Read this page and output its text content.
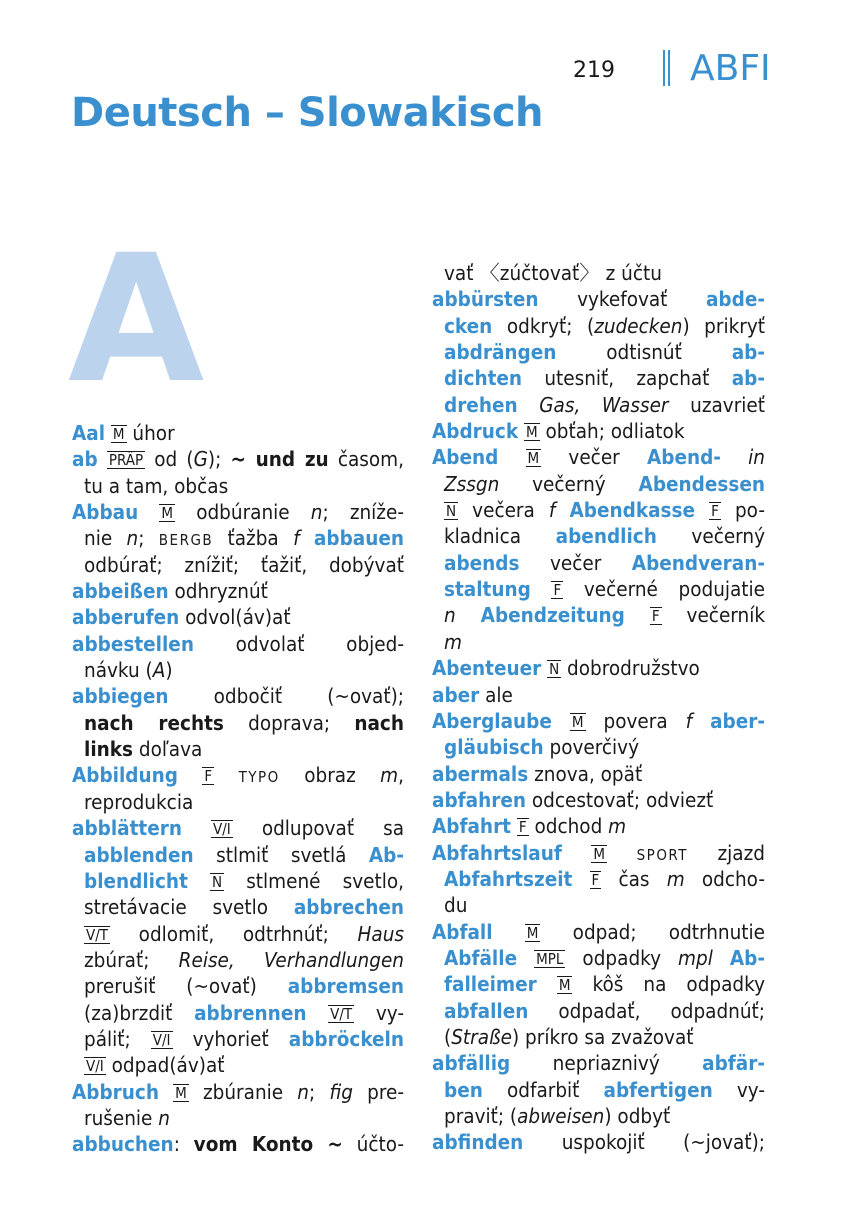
219 ABFI
Deutsch – Slowakisch
A
Aal M úhor
ab PRÄP od (G); ~ und zu časom,
tu a tam, občas
Abbau M odbúranie n; zníže-
nie n; BERGB ťažba f abbauen
odbúrať; znížiť; ťažiť, dobývať
abbeißen odhryznúť
abberufen odvol(áv)ať
abbestellen odvolať objed-
návku (A)
abbiegen odbočiť (~ovať);
nach rechts doprava; nach
links doľava
Abbildung F TYPO obraz m,
reprodukcia
abblättern V/I odlupovať sa
abblenden stlmiť svetlá Ab-
blendlicht N stlmené svetlo,
stretávacie svetlo abbrechen
V/T odlomiť, odtrhnúť; Haus
zbúrať; Reise, Verhandlungen
prerušiť (~ovať) abbremsen
(za)brzdiť abbrennen V/T vy-
páliť; V/I vyhorieť abbröckeln
V/I odpad(áv)ať
Abbruch M zbúranie n; fig pre-
rušenie n
abbuchen: vom Konto ~ účto-
vať 〈zúčtovať〉 z účtu
abbürsten vykefovať abde-
cken odkryť; (zudecken) prikryť
abdrängen odtisnúť ab-
dichten utesniť, zapchať ab-
drehen Gas, Wasser uzavrieť
Abdruck M obťah; odliatok
Abend M večer Abend- in
Zssgn večerný Abendessen
N večera f Abendkasse F po-
kladnica abendlich večerný
abends večer Abendveran-
staltung F večerné podujatie
n Abendzeitung F večerník
m
Abenteuer N dobrodružstvo
aber ale
Aberglaube M povera f aber-
gläubisch poverčivý
abermals znova, opäť
abfahren odcestovať; odviezť
Abfahrt F odchod m
Abfahrtslauf M SPORT zjazd
Abfahrtszeit F čas m odcho-
du
Abfall M odpad; odtrhnutie
Abfälle MPL odpadky mpl Ab-
falleimer M kôš na odpadky
abfallen odpadať, odpadnúť;
(Straße) príkro sa zvažovať
abfällig nepriaznivý abfär-
ben odfarbiť abfertigen vy-
praviť; (abweisen) odbyť
abfinden uspokojiť (~jovať);
